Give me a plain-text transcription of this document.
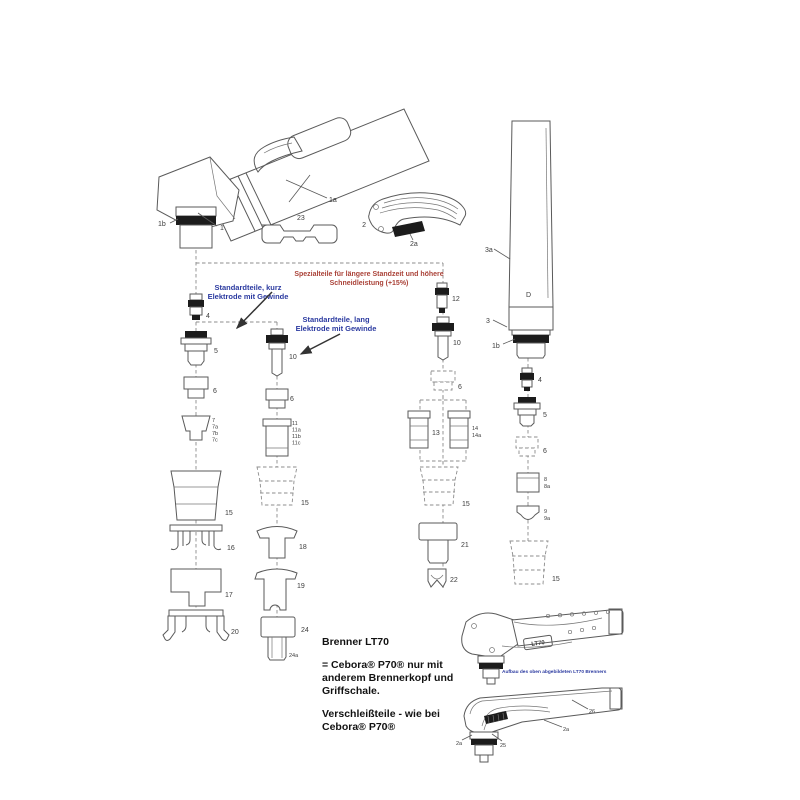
1a
1b
1
23
2
2a
D
3a
3
1b
4
5
6
7
7a
7b
7c
15
16
17
20
10
6
11
11a
11b
11c
15
18
19
24
24a
12
10
6
13
14
14a
15
21
22
4
5
6
8
8a
9
9a
15
Standardteile, kurz
Elektrode mit Gewinde
Standardteile, lang
Elektrode mit Gewinde
Spezialteile für längere Standzeit und höhere
Schneidleistung (+15%)
LT70
Aufbau des oben abgebildeten LT70 Brenners
2a	25
2a
26
Brenner LT70
= Cebora® P70® nur mit
anderem Brennerkopf und
Griffschale.
Verschleißteile - wie bei
Cebora® P70®
